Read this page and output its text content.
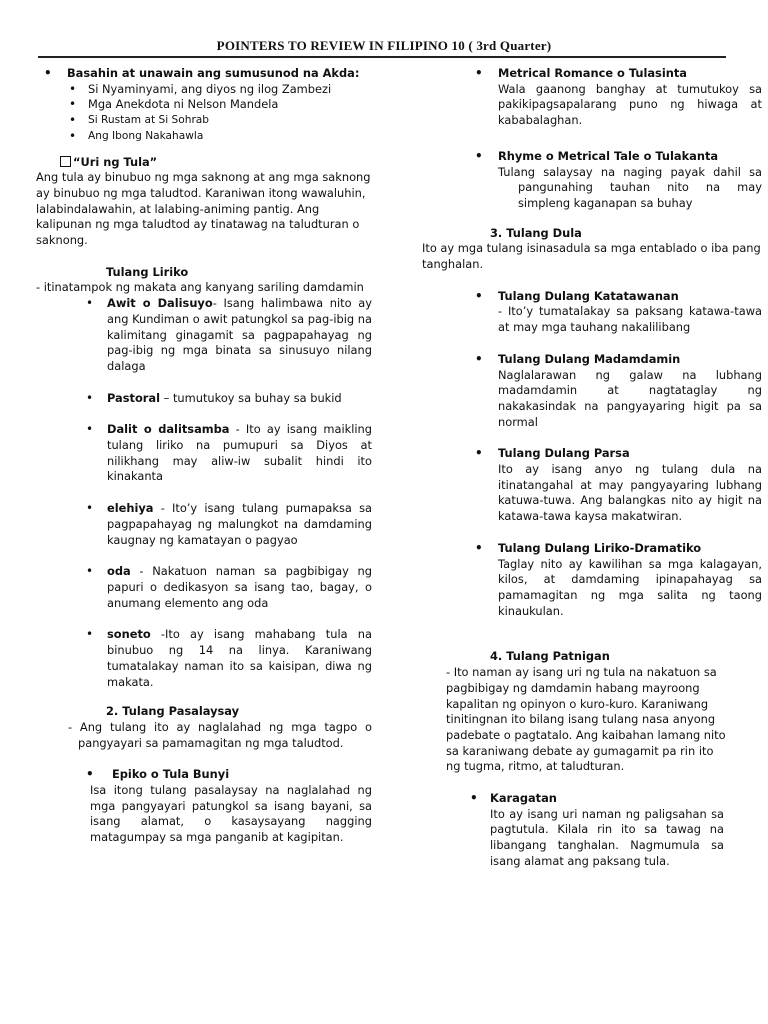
POINTERS TO REVIEW IN FILIPINO 10 ( 3rd Quarter)

• Basahin at unawain ang sumusunod na Akda:

• Si Nyaminyami, ang diyos ng ilog Zambezi

• Mga Anekdota ni Nelson Mandela

• Si Rustam at Si Sohrab

• Ang Ibong Nakahawla

“Uri ng Tula”

Ang tula ay binubuo ng mga saknong at ang mga saknong ay binubuo ng mga taludtod. Karaniwan itong wawaluhin, lalabindalawahin, at lalabing-animing pantig. Ang kalipunan ng mga taludtod ay tinatawag na taludturan o saknong.

Tulang Liriko

- itinatampok ng makata ang kanyang sariling damdamin

• Awit o Dalisuyo- Isang halimbawa nito ay ang Kundiman o awit patungkol sa pag-ibig na kalimitang ginagamit sa pagpapahayag ng pag-ibig ng mga binata sa sinusuyo nilang dalaga

• Pastoral – tumutukoy sa buhay sa bukid

• Dalit o dalitsamba - Ito ay isang maikling tulang liriko na pumupuri sa Diyos at nilikhang may aliw-iw subalit hindi ito kinakanta

• elehiya - Ito’y isang tulang pumapaksa sa pagpapahayag ng malungkot na damdaming kaugnay ng kamatayan o pagyao

• oda - Nakatuon naman sa pagbibigay ng papuri o dedikasyon sa isang tao, bagay, o anumang elemento ang oda

• soneto -Ito ay isang mahabang tula na binubuo ng 14 na linya. Karaniwang tumatalakay naman ito sa kaisipan, diwa ng makata.

2. Tulang Pasalaysay

- Ang tulang ito ay naglalahad ng mga tagpo o pangyayari sa pamamagitan ng mga taludtod.

• Epiko o Tula Bunyi

Isa itong tulang pasalaysay na naglalahad ng mga pangyayari patungkol sa isang bayani, sa isang alamat, o kasaysayang nagging matagumpay sa mga panganib at kagipitan.

• Metrical Romance o Tulasinta

Wala gaanong banghay at tumutukoy sa pakikipagsapalarang puno ng hiwaga at kababalaghan.

• Rhyme o Metrical Tale o Tulakanta

Tulang salaysay na naging payak dahil sa pangunahing tauhan nito na may simpleng kaganapan sa buhay

3. Tulang Dula

Ito ay mga tulang isinasadula sa mga entablado o iba pang tanghalan.

• Tulang Dulang Katatawanan

- Ito’y tumatalakay sa paksang katawa-tawa at may mga tauhang nakalilibang

• Tulang Dulang Madamdamin

Naglalarawan ng galaw na lubhang madamdamin at nagtataglay ng nakakasindak na pangyayaring higit pa sa normal

• Tulang Dulang Parsa

Ito ay isang anyo ng tulang dula na itinatangahal at may pangyayaring lubhang katuwa-tuwa. Ang balangkas nito ay higit na katawa-tawa kaysa makatwiran.

• Tulang Dulang Liriko-Dramatiko

Taglay nito ay kawilihan sa mga kalagayan, kilos, at damdaming ipinapahayag sa pamamagitan ng mga salita ng taong kinaukulan.

4. Tulang Patnigan

- Ito naman ay isang uri ng tula na nakatuon sa pagbibigay ng damdamin habang mayroong kapalitan ng opinyon o kuro-kuro. Karaniwang tinitingnan ito bilang isang tulang nasa anyong padebate o pagtatalo. Ang kaibahan lamang nito sa karaniwang debate ay gumagamit pa rin ito ng tugma, ritmo, at taludturan.

• Karagatan

Ito ay isang uri naman ng paligsahan sa pagtutula. Kilala rin ito sa tawag na libangang tanghalan. Nagmumula sa isang alamat ang paksang tula.
